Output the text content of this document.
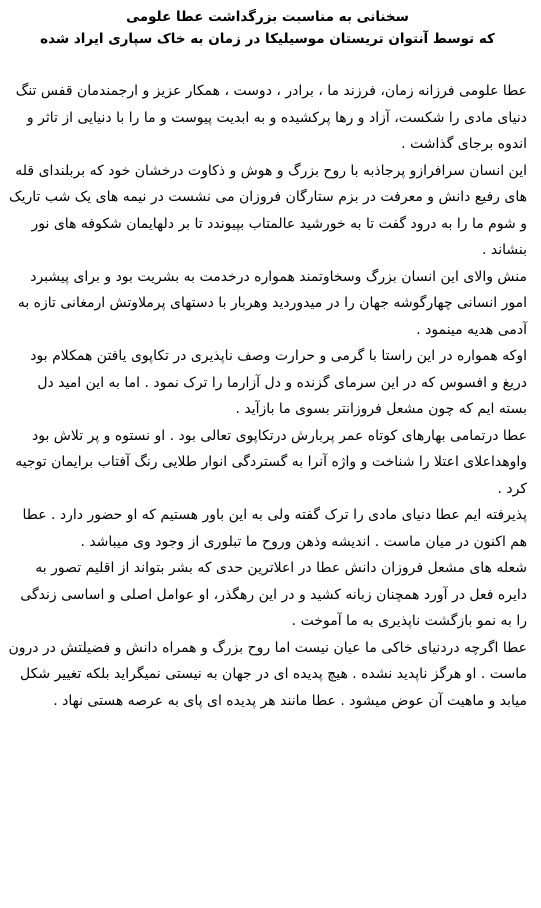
سخنانی به مناسبت بزرگداشت عطا علومی
که توسط آنتوان تریستان موسیلیکا در زمان به خاک سپاری ایراد شده

عطا علومی فرزانه زمان، فرزند ما ، برادر ، دوست ، همکار عزیز و ارجمندمان قفس تنگ دنیای مادی را شکست، آزاد و رها پرکشیده و به ابدیت پیوست و ما را با دنیایی از تاثر و اندوه برجای گذاشت .

این انسان سرافرازو پرجاذبه با روح بزرگ و هوش و ذکاوت درخشان خود که بربلندای قله های رفیع دانش و معرفت در بزم ستارگان فروزان می نشست در نیمه های یک شب تاریک و شوم ما را به درود گفت تا به خورشید عالمتاب بپیوندد تا بر دلهایمان شکوفه های نور بنشاند .

منش والای این انسان بزرگ وسخاوتمند همواره درخدمت به بشریت بود و برای پیشبرد امور انسانی چهارگوشه جهان را در میدوردید وهربار با دستهای پرملاوتش ارمغانی تازه به آدمی هدیه مینمود .

اوکه همواره در این راستا با گرمی و حرارت وصف ناپذیری در تکاپوی یافتن همکلام بود دریغ و افسوس که در این سرمای گزنده و دل آزارما را ترک نمود . اما به این امید دل بسته ایم که چون مشعل فروزانتر بسوی ما بازآید .

عطا درتمامی بهارهای کوتاه عمر پربارش درتکاپوی تعالی بود . او نستوه و پر تلاش بود واوهداعلای اعتلا را شناخت و واژه آنرا به گستردگی انوار طلایی رنگ آفتاب برایمان توجیه کرد .

پذیرفته ایم عطا دنیای مادی را ترک گفته ولی به این باور هستیم که او حضور دارد . عطا هم اکنون در میان ماست . اندیشه وذهن وروح ما تبلوری از وجود وی میباشد .

شعله های مشعل فروزان دانش عطا در اعلاترین حدی که بشر بتواند از اقلیم تصور به دایره فعل در آورد همچنان زبانه کشید و در این رهگذر، او عوامل اصلی و اساسی زندگی را به نمو بازگشت ناپذیری به ما آموخت .

عطا اگرچه دردنیای خاکی ما عیان نیست اما روح بزرگ و همراه دانش و فضیلتش در درون ماست . او هرگز ناپدید نشده . هیچ پدیده ای در جهان به نیستی نمیگراید بلکه تغییر شکل میابد و ماهیت آن عوض میشود . عطا مانند هر پدیده ای پای به عرصه هستی نهاد .
